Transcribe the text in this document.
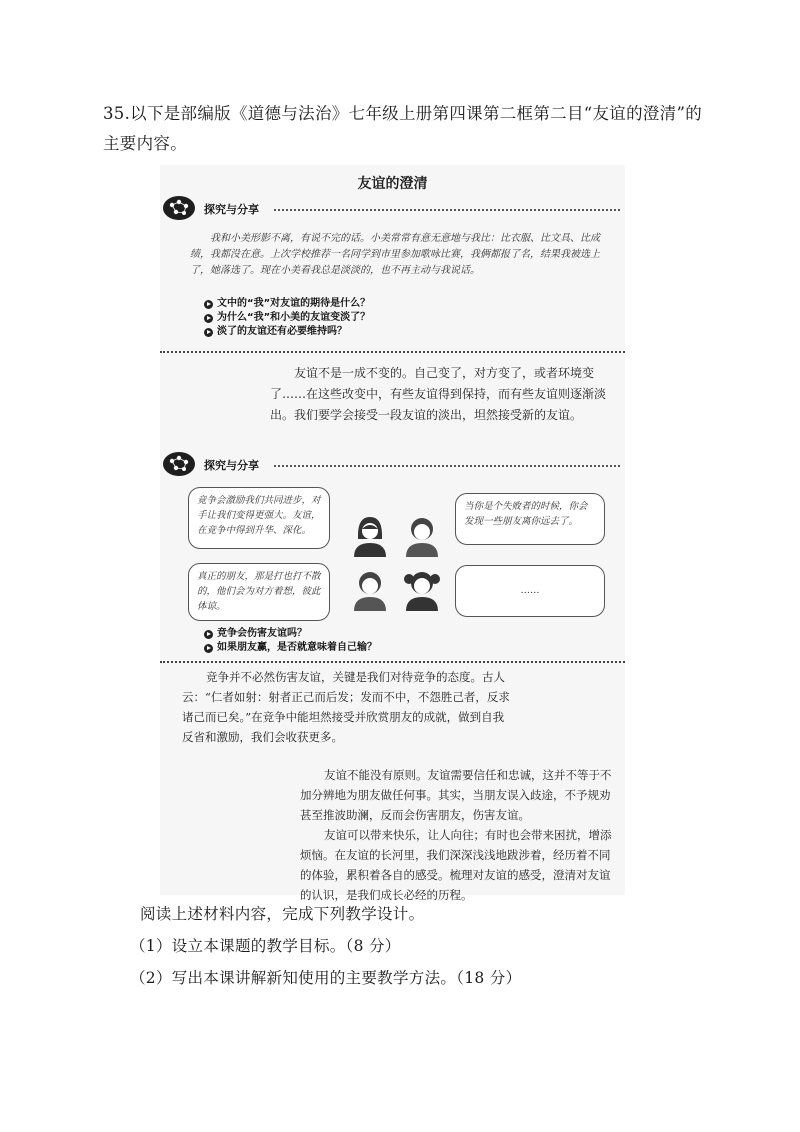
35.以下是部编版《道德与法治》七年级上册第四课第二框第二目“友谊的澄清”的主要内容。
友谊的澄清
探究与分享
我和小美形影不离，有说不完的话。小美常常有意无意地与我比：比衣服、比文具、比成绩，我都没在意。上次学校推荐一名同学到市里参加歌咏比赛，我俩都报了名，结果我被选上了，她落选了。现在小美看我总是淡淡的，也不再主动与我说话。
文中的“我”对友谊的期待是什么？
为什么“我”和小美的友谊变淡了？
淡了的友谊还有必要维持吗？
友谊不是一成不变的。自己变了，对方变了，或者环境变了……在这些改变中，有些友谊得到保持，而有些友谊则逐渐淡出。我们要学会接受一段友谊的淡出，坦然接受新的友谊。
探究与分享
竞争会激励我们共同进步，对手让我们变得更强大。友谊，在竞争中得到升华、深化。
当你是个失败者的时候，你会发现一些朋友离你远去了。
真正的朋友，那是打也打不散的，他们会为对方着想，彼此体谅。
……
竞争会伤害友谊吗？
如果朋友赢，是否就意味着自己输？
竞争并不必然伤害友谊，关键是我们对待竞争的态度。古人云：“仁者如射：射者正己而后发；发而不中，不怨胜己者，反求诸己而已矣。”在竞争中能坦然接受并欣赏朋友的成就，做到自我反省和激励，我们会收获更多。
友谊不能没有原则。友谊需要信任和忠诚，这并不等于不加分辨地为朋友做任何事。其实，当朋友误入歧途，不予规劝甚至推波助澜，反而会伤害朋友，伤害友谊。
友谊可以带来快乐，让人向往；有时也会带来困扰，增添烦恼。在友谊的长河里，我们深深浅浅地跋涉着，经历着不同的体验，累积着各自的感受。梳理对友谊的感受，澄清对友谊的认识，是我们成长必经的历程。
阅读上述材料内容，完成下列教学设计。
（1）设立本课题的教学目标。（8 分）
（2）写出本课讲解新知使用的主要教学方法。（18 分）
